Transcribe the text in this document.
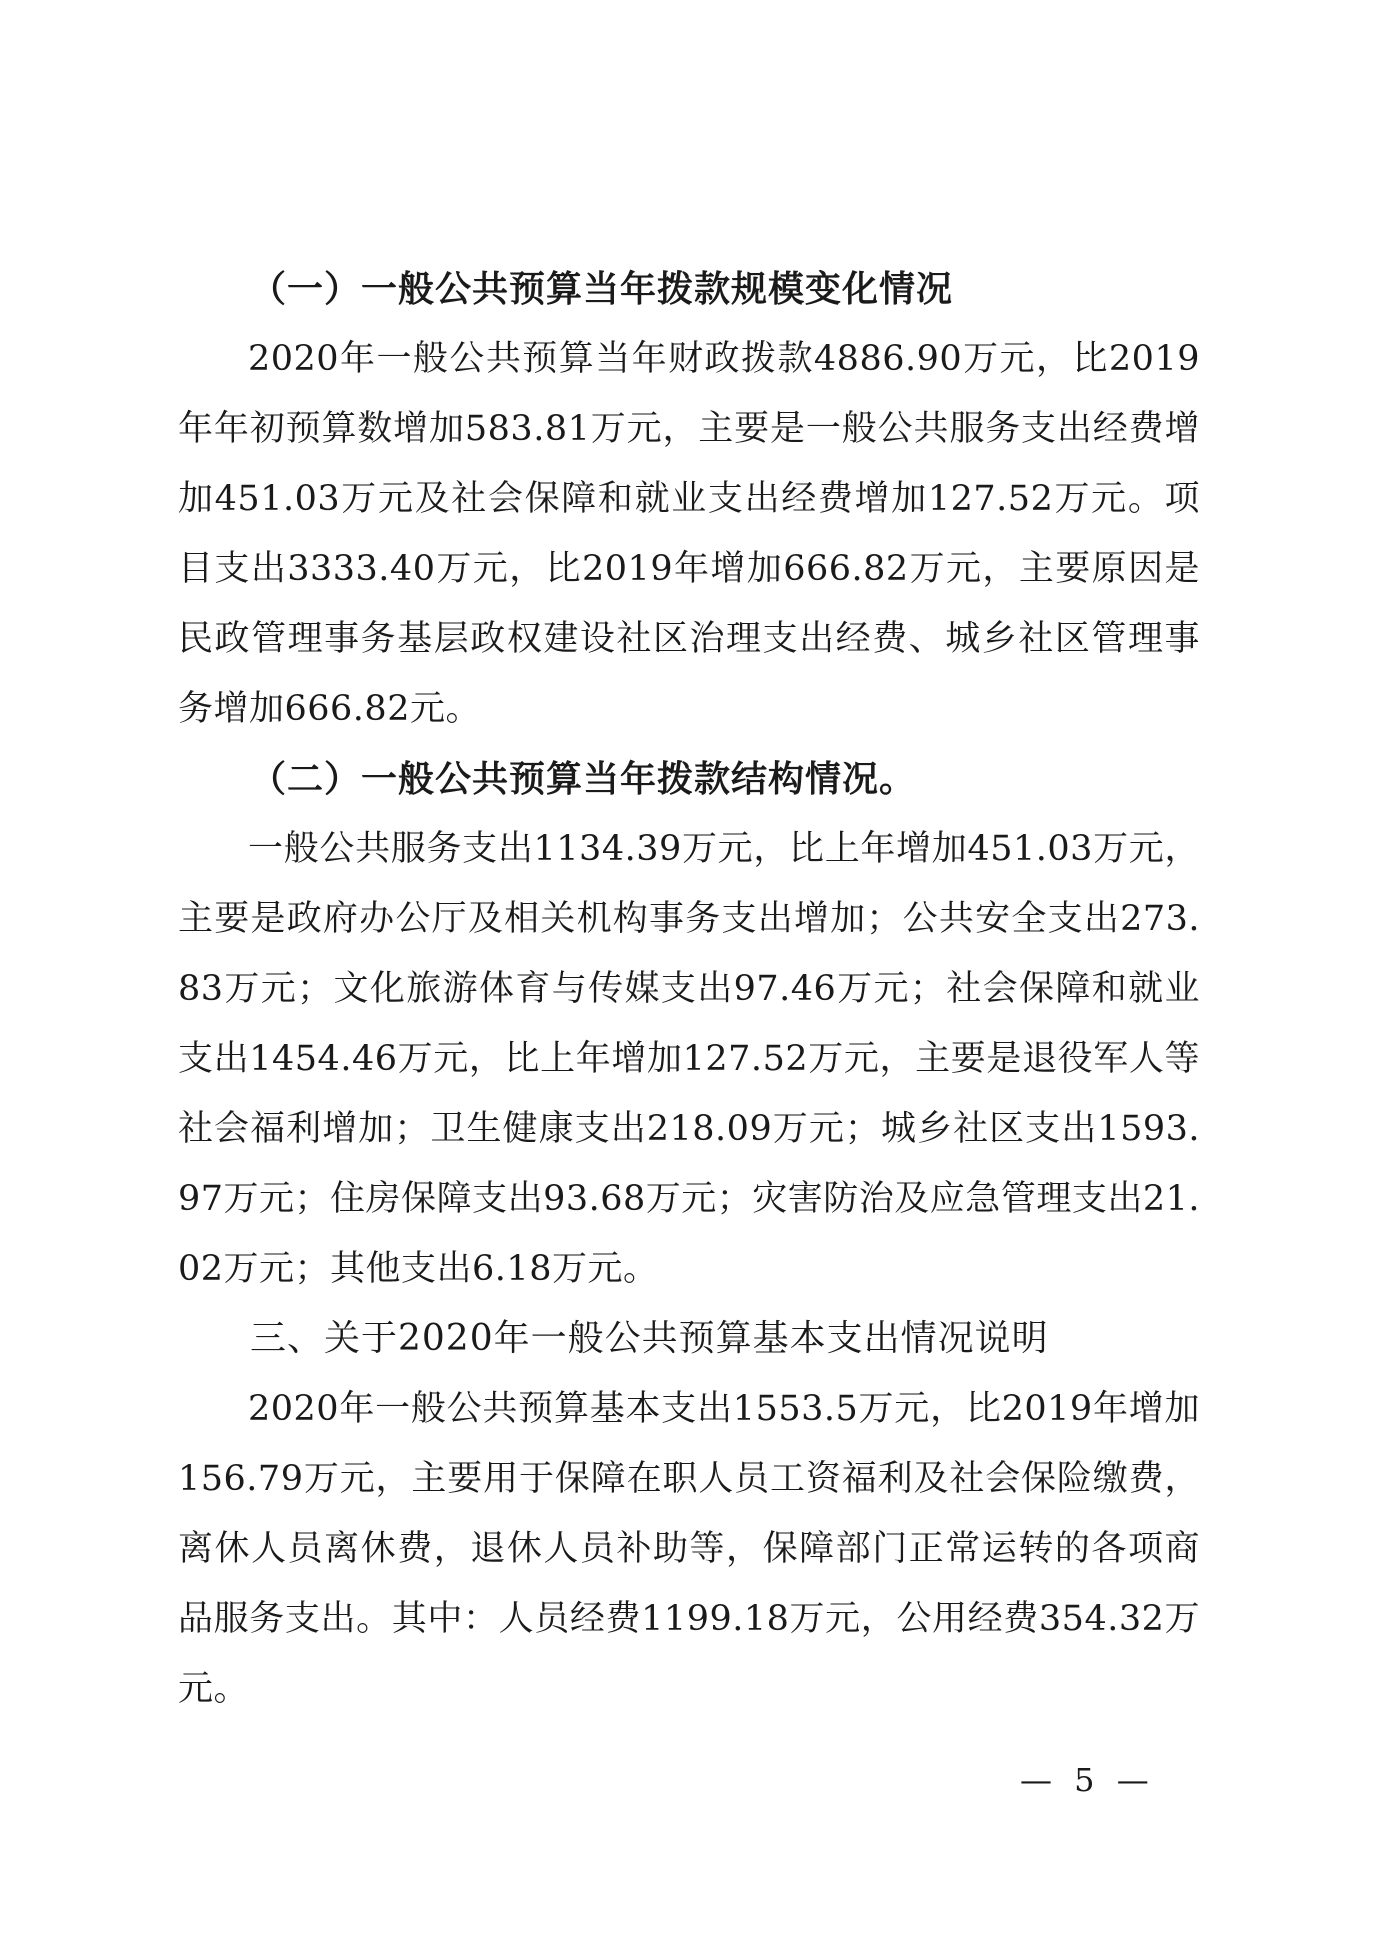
（一）一般公共预算当年拨款规模变化情况

2020年一般公共预算当年财政拨款4886.90万元，比2019年年初预算数增加583.81万元，主要是一般公共服务支出经费增加451.03万元及社会保障和就业支出经费增加127.52万元。项目支出3333.40万元，比2019年增加666.82万元，主要原因是民政管理事务基层政权建设社区治理支出经费、城乡社区管理事务增加666.82元。

（二）一般公共预算当年拨款结构情况。

一般公共服务支出1134.39万元，比上年增加451.03万元，主要是政府办公厅及相关机构事务支出增加；公共安全支出273.83万元；文化旅游体育与传媒支出97.46万元；社会保障和就业支出1454.46万元，比上年增加127.52万元，主要是退役军人等社会福利增加；卫生健康支出218.09万元；城乡社区支出1593.97万元；住房保障支出93.68万元；灾害防治及应急管理支出21.02万元；其他支出6.18万元。

三、关于2020年一般公共预算基本支出情况说明

2020年一般公共预算基本支出1553.5万元，比2019年增加156.79万元，主要用于保障在职人员工资福利及社会保险缴费，离休人员离休费，退休人员补助等，保障部门正常运转的各项商品服务支出。其中：人员经费1199.18万元，公用经费354.32万元。

— 5 —
